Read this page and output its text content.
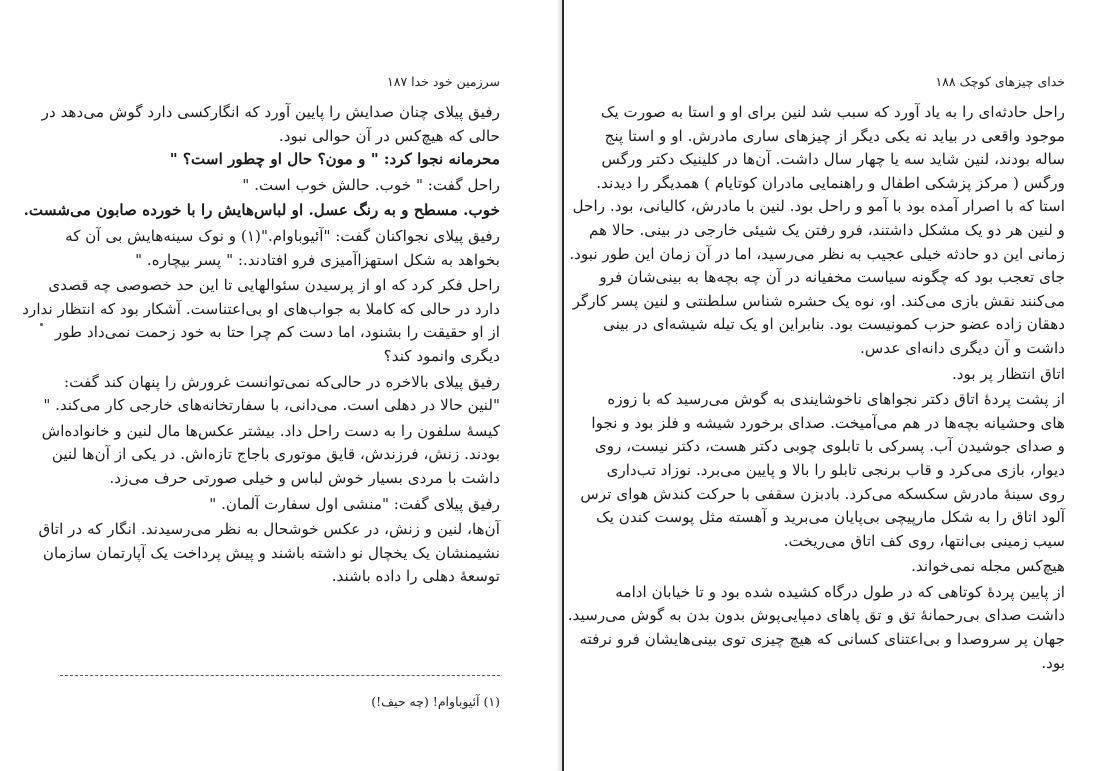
سرزمین خود خدا ۱۸۷
رفیق پیلای چنان صدایش را پایین آورد که انگارکسی دارد گوش می‌دهد در
حالی که هیچ‌کس در آن حوالی نبود.
محرمانه نجوا کرد: " و مون؟ حال او چطور است؟ "
راحل گفت: " خوب. حالش خوب است. "
خوب. مسطح و به رنگ عسل. او لباس‌هایش را با خورده صابون می‌شست.
رفیق پیلای نجواکنان گفت: "آئیو‌باوام."(۱) و نوک سینه‌هایش بی آن که
بخواهد به شکل استهزاآمیزی فرو افتادند.: " پسر بیچاره. "
راحل فکر کرد که او از پرسیدن سئوالهایی تا این حد خصوصی چه قصدی
دارد در حالی که کاملا به جواب‌های او بی‌اعتنا‌ست. آشکار بود که انتظار ندارد
از او حقیقت را بشنود، اما دست کم چرا حتا به خود زحمت نمی‌داد طور
دیگری وانمود کند؟
رفیق پیلای بالاخره در حالی‌که نمی‌توانست غرورش را پنهان کند گفت:
"لنین حالا در دهلی است. می‌دانی، با سفارتخانه‌های خارجی کار می‌کند. "
کیسهٔ سلفون را به دست راحل داد. بیشتر عکس‌ها مال لنین و خانواده‌اش
بودند. زنش، فرزندش، قایق موتوری باجاج تازه‌اش. در یکی از آن‌ها لنین
داشت با مردی بسیار خوش لباس و خیلی صورتی حرف می‌زد.
رفیق پیلای گفت: "منشی اول سفارت آلمان. "
آن‌ها، لنین و زنش، در عکس خوشحال به نظر می‌رسیدند. انگار که در اتاق
نشیمنشان یک یخچال نو داشته باشند و پیش پرداخت یک آپارتمان سازمان
توسعهٔ دهلی را داده باشند.
(۱) آئیو‌باوام! (چه حیف!)
خدای چیزهای کوچک ۱۸۸
راحل حادثه‌ای را به یاد آورد که سبب شد لنین برای او و استا به صورت یک
موجود واقعی در بیاید نه یکی دیگر از چیزهای ساری مادرش. او و استا پنج
ساله بودند، لنین شاید سه یا چهار سال داشت. آن‌ها در کلینیک دکتر ورگس
ورگس ( مرکز پزشکی اطفال و راهنمایی مادران کوتایام ) همدیگر را دیدند.
استا که با اصرار آمده بود با آمو و راحل بود. لنین با مادرش، کالیانی، بود. راحل
و لنین هر دو یک مشکل داشتند، فرو رفتن یک شیئی خارجی در بینی. حالا هم
زمانی این دو حادثه خیلی عجیب به نظر می‌رسید، اما در آن زمان این طور نبود.
جای تعجب بود که چگونه سیاست مخفیانه در آن چه بچه‌ها به بینی‌شان فرو
می‌کنند نقش بازی می‌کند. او، نوه یک حشره شناس سلطنتی و لنین پسر کارگر
دهقان زاده عضو حزب کمونیست بود. بنابراین او یک تیله شیشه‌ای در بینی
داشت و آن دیگری دانه‌ای عدس.
اتاق انتظار پر بود.
از پشت پردهٔ اتاق دکتر نجواهای ناخوشایندی به گوش می‌رسید که با زوزه
های وحشیانه بچه‌ها در هم می‌آمیخت. صدای برخورد شیشه و فلز بود و نجوا
و صدای جوشیدن آب. پسرکی با تابلوی چوبی دکتر هست، دکتر نیست، روی
دیوار، بازی می‌کرد و قاب برنجی تابلو را بالا و پایین می‌برد. نوزاد تب‌داری
روی سینهٔ مادرش سکسکه می‌کرد. بادبزن سقفی با حرکت کندش هوای ترس
آلود اتاق را به شکل مارپیچی بی‌پایان می‌برید و آهسته مثل پوست کندن یک
سیب زمینی بی‌انتها، روی کف اتاق می‌ریخت.
هیچ‌کس مجله نمی‌خواند.
از پایین پردهٔ کوتاهی که در طول درگاه کشیده شده بود و تا خیابان ادامه
داشت صدای بی‌رحمانهٔ تق و تق پاهای دمپایی‌پوش بدون بدن به گوش می‌رسید.
جهان پر سروصدا و بی‌اعتنای کسانی که هیچ چیزی توی بینی‌هایشان فرو نرفته
بود.
